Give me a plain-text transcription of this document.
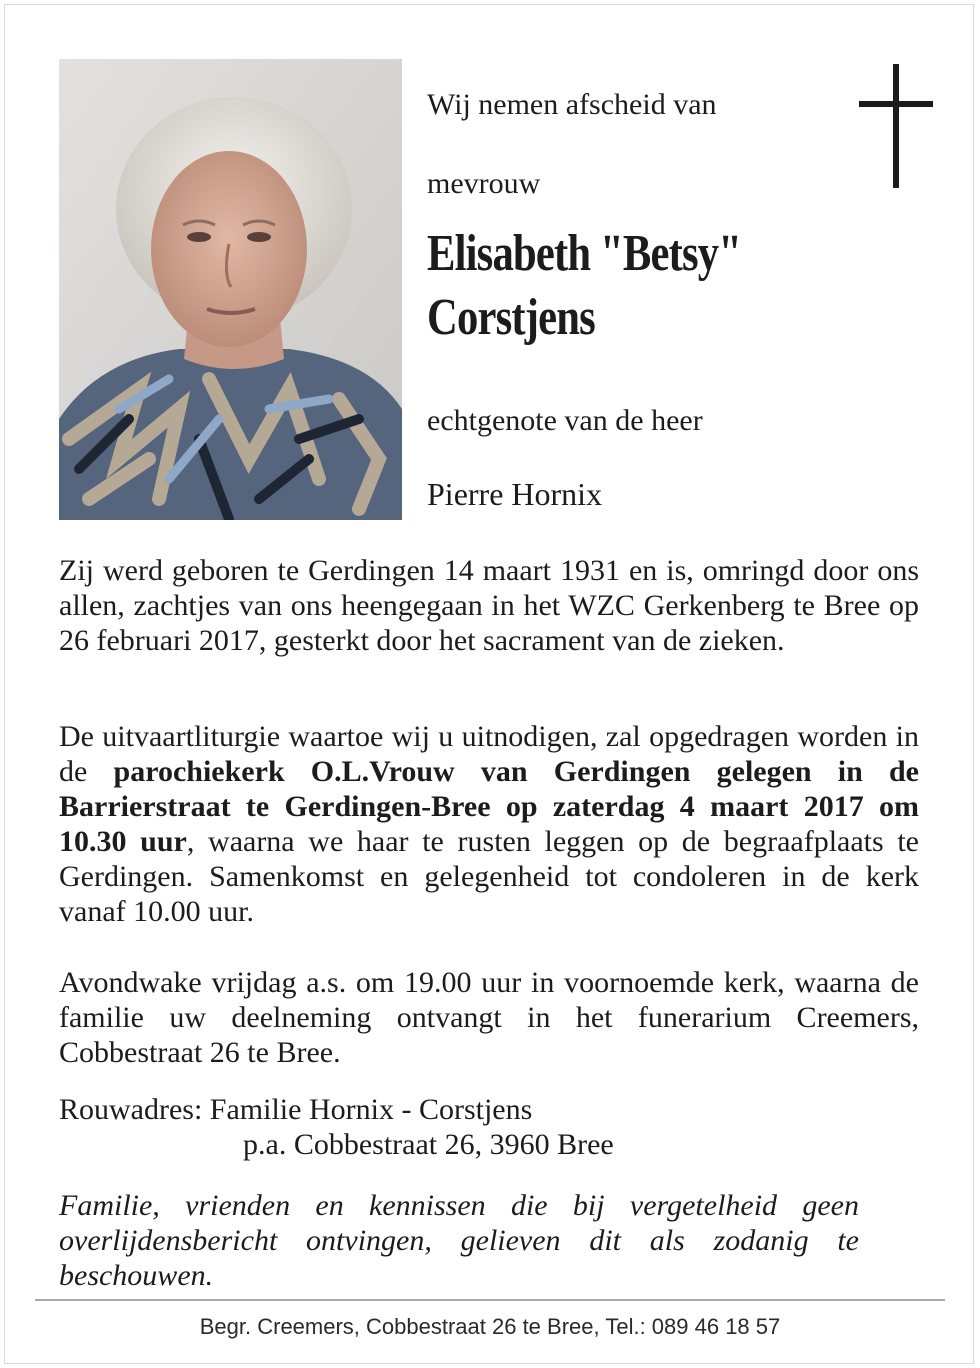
Wij nemen afscheid van
mevrouw
Elisabeth "Betsy"
Corstjens
echtgenote van de heer
Pierre Hornix

Zij werd geboren te Gerdingen 14 maart 1931 en is, omringd door ons allen, zachtjes van ons heengegaan in het WZC Gerkenberg te Bree op 26 februari 2017, gesterkt door het sacrament van de zieken.

De uitvaartliturgie waartoe wij u uitnodigen, zal opgedragen worden in de parochiekerk O.L.Vrouw van Gerdingen gelegen in de Barrierstraat te Gerdingen-Bree op zaterdag 4 maart 2017 om 10.30 uur, waarna we haar te rusten leggen op de begraafplaats te Gerdingen. Samenkomst en gelegenheid tot condoleren in de kerk vanaf 10.00 uur.

Avondwake vrijdag a.s. om 19.00 uur in voornoemde kerk, waarna de familie uw deelneming ontvangt in het funerarium Creemers, Cobbestraat 26 te Bree.

Rouwadres: Familie Hornix - Corstjens
p.a. Cobbestraat 26, 3960 Bree

Familie, vrienden en kennissen die bij vergetelheid geen overlijdensbericht ontvingen, gelieven dit als zodanig te beschouwen.

Begr. Creemers, Cobbestraat 26 te Bree, Tel.: 089 46 18 57
